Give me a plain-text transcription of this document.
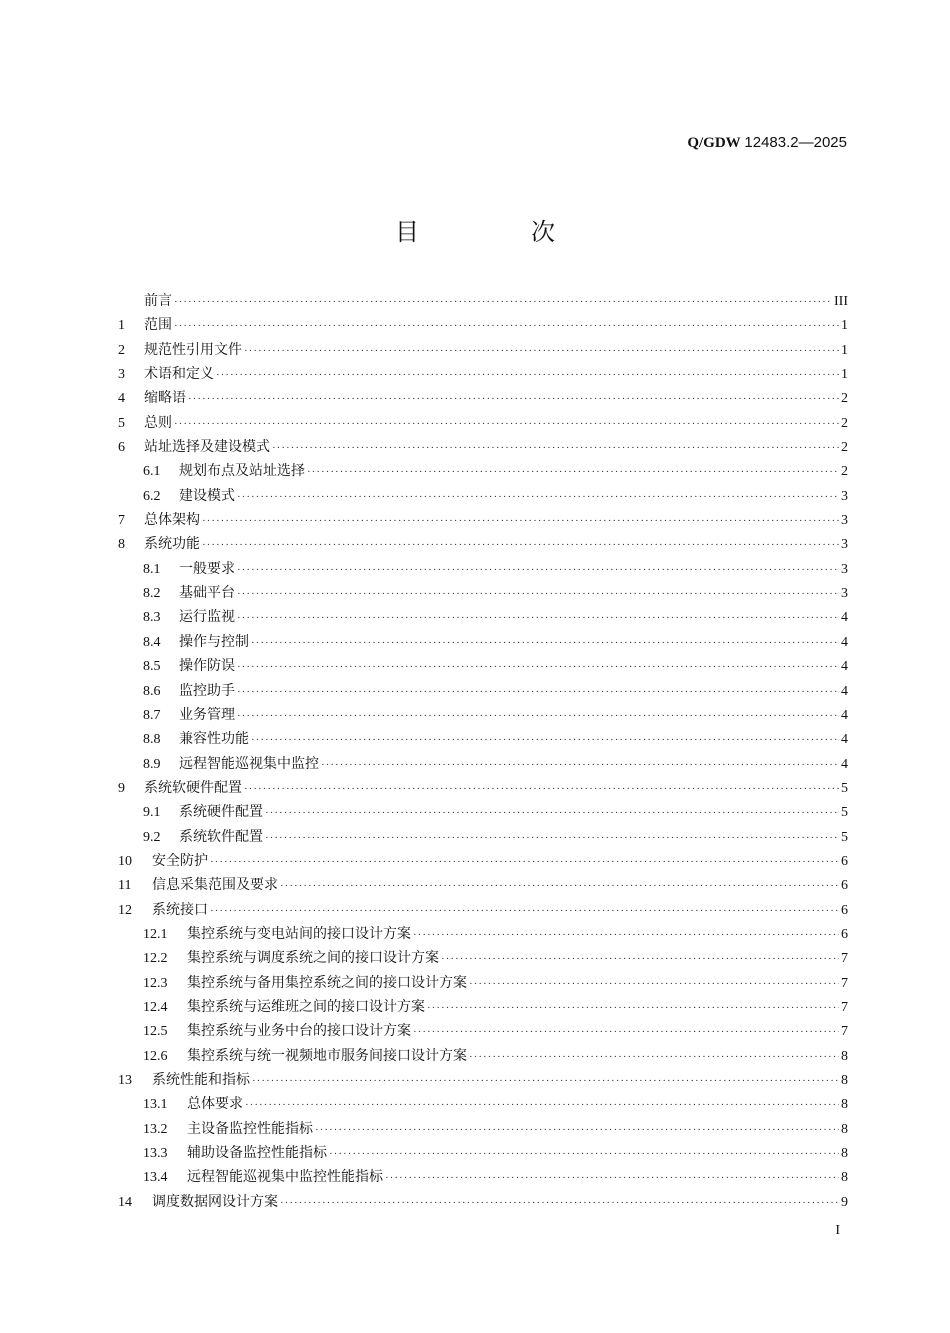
Q/GDW 12483.2—2025
目　次
前言 ·····	III
1	范围 ·····	1
2	规范性引用文件 ·····	1
3	术语和定义 ·····	1
4	缩略语 ·····	2
5	总则 ·····	2
6	站址选择及建设模式 ·····	2
6.1	规划布点及站址选择 ·····	2
6.2	建设模式 ·····	3
7	总体架构 ·····	3
8	系统功能 ·····	3
8.1	一般要求 ·····	3
8.2	基础平台 ·····	3
8.3	运行监视 ·····	4
8.4	操作与控制 ·····	4
8.5	操作防误 ·····	4
8.6	监控助手 ·····	4
8.7	业务管理 ·····	4
8.8	兼容性功能 ·····	4
8.9	远程智能巡视集中监控 ·····	4
9	系统软硬件配置 ·····	5
9.1	系统硬件配置 ·····	5
9.2	系统软件配置 ·····	5
10	安全防护 ·····	6
11	信息采集范围及要求 ·····	6
12	系统接口 ·····	6
12.1	集控系统与变电站间的接口设计方案 ·····	6
12.2	集控系统与调度系统之间的接口设计方案 ·····	7
12.3	集控系统与备用集控系统之间的接口设计方案 ·····	7
12.4	集控系统与运维班之间的接口设计方案 ·····	7
12.5	集控系统与业务中台的接口设计方案 ·····	7
12.6	集控系统与统一视频地市服务间接口设计方案 ·····	8
13	系统性能和指标 ·····	8
13.1	总体要求 ·····	8
13.2	主设备监控性能指标 ·····	8
13.3	辅助设备监控性能指标 ·····	8
13.4	远程智能巡视集中监控性能指标 ·····	8
14	调度数据网设计方案 ·····	9
I
